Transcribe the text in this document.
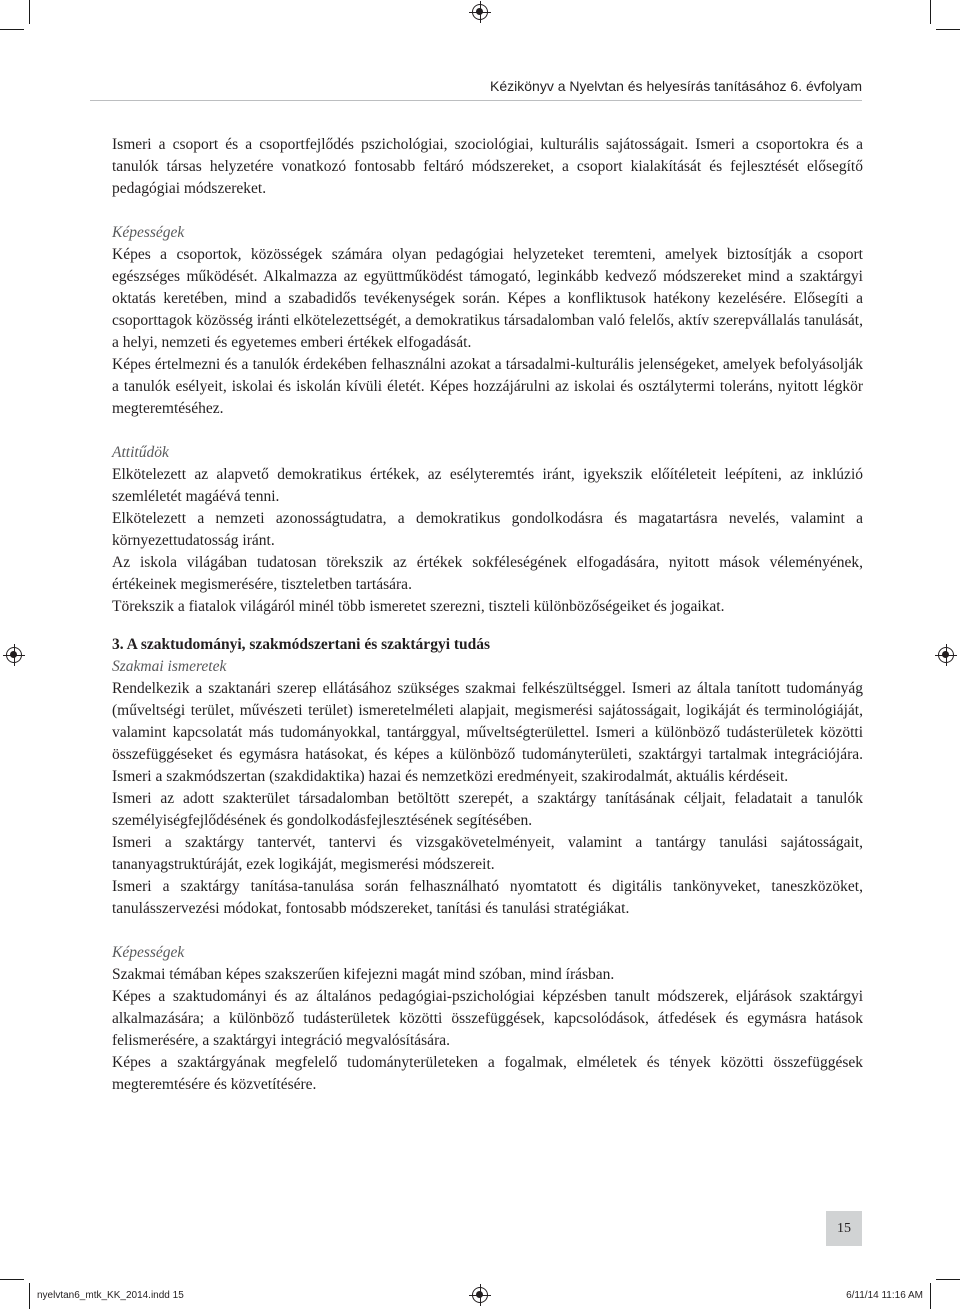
Kézikönyv a Nyelvtan és helyesírás tanításához 6. évfolyam

Ismeri a csoport és a csoportfejlődés pszichológiai, szociológiai, kulturális sajátosságait. Ismeri a csoportokra és a tanulók társas helyzetére vonatkozó fontosabb feltáró módszereket, a csoport kialakítását és fejlesztését elősegítő pedagógiai módszereket.

Képességek

Képes a csoportok, közösségek számára olyan pedagógiai helyzeteket teremteni, amelyek biztosítják a csoport egészséges működését. Alkalmazza az együttműködést támogató, leginkább kedvező módszereket mind a szaktárgyi oktatás keretében, mind a szabadidős tevékenységek során. Képes a konfliktusok hatékony kezelésére. Elősegíti a csoporttagok közösség iránti elkötelezettségét, a demokratikus társadalomban való felelős, aktív szerepvállalás tanulását, a helyi, nemzeti és egyetemes emberi értékek elfogadását.

Képes értelmezni és a tanulók érdekében felhasználni azokat a társadalmi-kulturális jelenségeket, amelyek befolyásolják a tanulók esélyeit, iskolai és iskolán kívüli életét. Képes hozzájárulni az iskolai és osztálytermi toleráns, nyitott légkör megteremtéséhez.

Attitűdök

Elkötelezett az alapvető demokratikus értékek, az esélyteremtés iránt, igyekszik előítéleteit leépíteni, az inklúzió szemléletét magáévá tenni.

Elkötelezett a nemzeti azonosságtudatra, a demokratikus gondolkodásra és magatartásra nevelés, valamint a környezettudatosság iránt.

Az iskola világában tudatosan törekszik az értékek sokféleségének elfogadására, nyitott mások véleményének, értékeinek megismerésére, tiszteletben tartására.

Törekszik a fiatalok világáról minél több ismeretet szerezni, tiszteli különbözőségeiket és jogaikat.

3. A szaktudományi, szakmódszertani és szaktárgyi tudás

Szakmai ismeretek

Rendelkezik a szaktanári szerep ellátásához szükséges szakmai felkészültséggel. Ismeri az általa tanított tudományág (műveltségi terület, művészeti terület) ismeretelméleti alapjait, megismerési sajátosságait, logikáját és terminológiáját, valamint kapcsolatát más tudományokkal, tantárggyal, műveltségterülettel. Ismeri a különböző tudásterületek közötti összefüggéseket és egymásra hatásokat, és képes a különböző tudományterületi, szaktárgyi tartalmak integrációjára. Ismeri a szakmódszertan (szakdidaktika) hazai és nemzetközi eredményeit, szakirodalmát, aktuális kérdéseit.

Ismeri az adott szakterület társadalomban betöltött szerepét, a szaktárgy tanításának céljait, feladatait a tanulók személyiségfejlődésének és gondolkodásfejlesztésének segítésében.

Ismeri a szaktárgy tantervét, tantervi és vizsgakövetelményeit, valamint a tantárgy tanulási sajátosságait, tananyagstruktúráját, ezek logikáját, megismerési módszereit.

Ismeri a szaktárgy tanítása-tanulása során felhasználható nyomtatott és digitális tankönyveket, taneszközöket, tanulásszervezési módokat, fontosabb módszereket, tanítási és tanulási stratégiákat.

Képességek

Szakmai témában képes szakszerűen kifejezni magát mind szóban, mind írásban.

Képes a szaktudományi és az általános pedagógiai-pszichológiai képzésben tanult módszerek, eljárások szaktárgyi alkalmazására; a különböző tudásterületek közötti összefüggések, kapcsolódások, átfedések és egymásra hatások felismerésére, a szaktárgyi integráció megvalósítására.

Képes a szaktárgyának megfelelő tudományterületeken a fogalmak, elméletek és tények közötti összefüggések megteremtésére és közvetítésére.

15
nyelvtan6_mtk_KK_2014.indd 15	6/11/14 11:16 AM
